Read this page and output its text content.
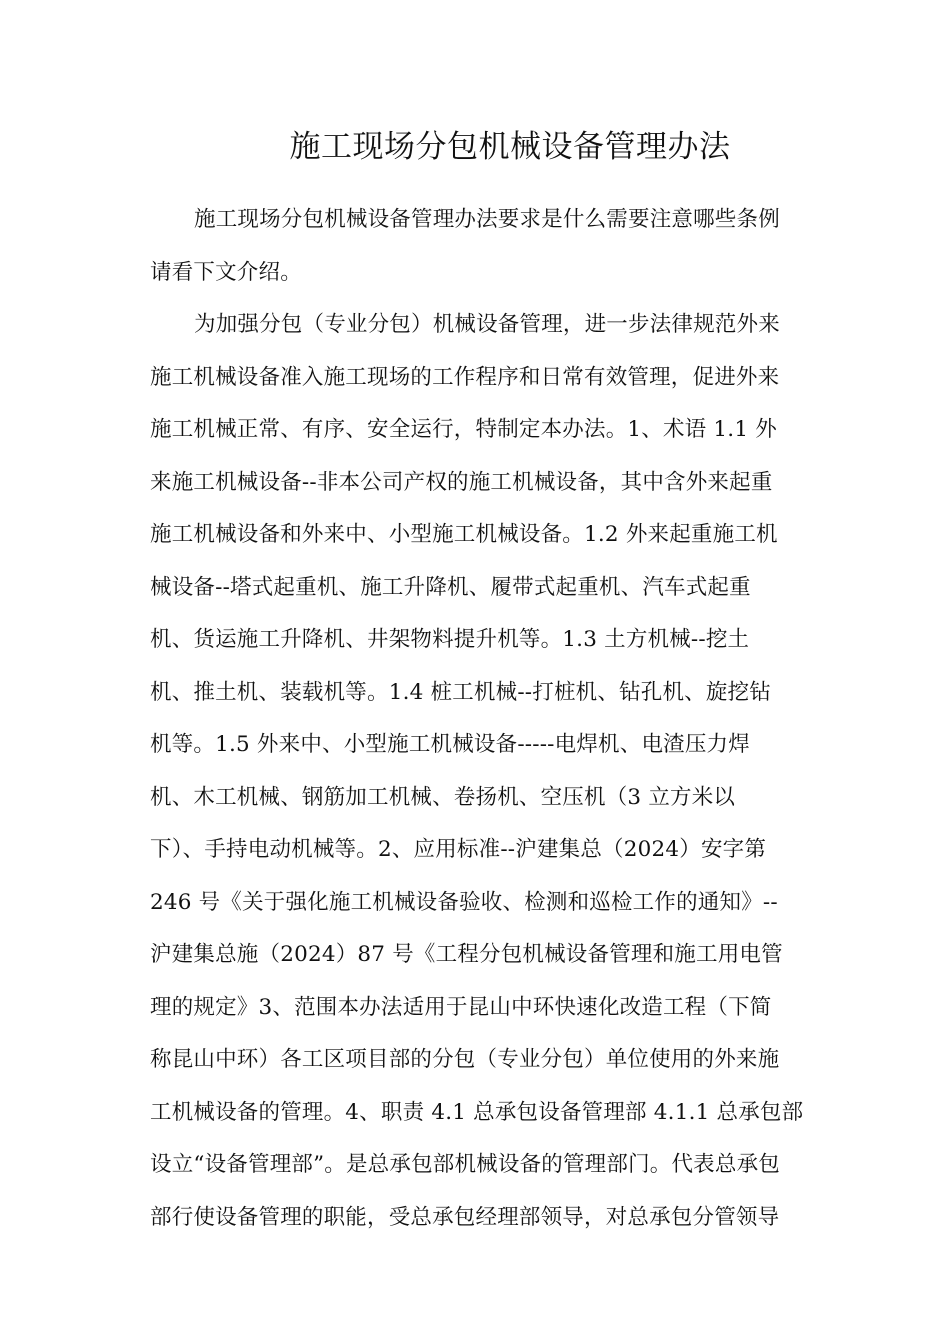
施工现场分包机械设备管理办法
施工现场分包机械设备管理办法要求是什么需要注意哪些条例
请看下文介绍。
为加强分包（专业分包）机械设备管理，进一步法律规范外来
施工机械设备准入施工现场的工作程序和日常有效管理，促进外来
施工机械正常、有序、安全运行，特制定本办法。1、术语 1.1 外
来施工机械设备--非本公司产权的施工机械设备，其中含外来起重
施工机械设备和外来中、小型施工机械设备。1.2 外来起重施工机
械设备--塔式起重机、施工升降机、履带式起重机、汽车式起重
机、货运施工升降机、井架物料提升机等。1.3 土方机械--挖土
机、推土机、装载机等。1.4 桩工机械--打桩机、钻孔机、旋挖钻
机等。1.5 外来中、小型施工机械设备-----电焊机、电渣压力焊
机、木工机械、钢筋加工机械、卷扬机、空压机（3 立方米以
下）、手持电动机械等。2、应用标准--沪建集总（2024）安字第
246 号《关于强化施工机械设备验收、检测和巡检工作的通知》--
沪建集总施（2024）87 号《工程分包机械设备管理和施工用电管
理的规定》3、范围本办法适用于昆山中环快速化改造工程（下简
称昆山中环）各工区项目部的分包（专业分包）单位使用的外来施
工机械设备的管理。4、职责 4.1 总承包设备管理部 4.1.1 总承包部
设立“设备管理部”。是总承包部机械设备的管理部门。代表总承包
部行使设备管理的职能，受总承包经理部领导，对总承包分管领导
